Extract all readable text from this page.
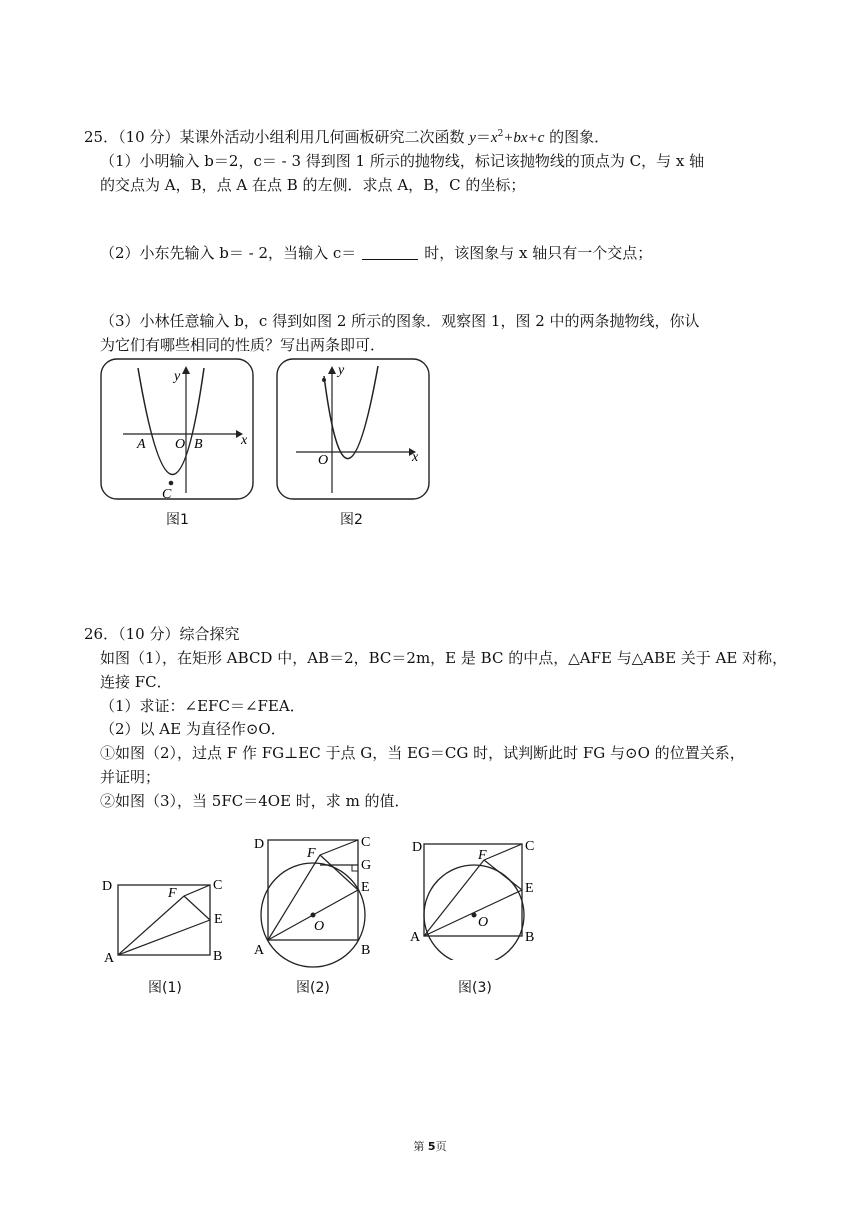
25．（10 分）某课外活动小组利用几何画板研究二次函数 $y=x^2+bx+c$ 的图象．
（1）小明输入 b＝2，c＝ - 3 得到图 1 所示的抛物线，标记该抛物线的顶点为 C，与 x 轴
的交点为 A，B，点 A 在点 B 的左侧．求点 A，B，C 的坐标；
（2）小东先输入 b＝ - 2，当输入 c＝	时，该图象与 x 轴只有一个交点；
（3）小林任意输入 b，c 得到如图 2 所示的图象．观察图 1，图 2 中的两条抛物线，你认
为它们有哪些相同的性质？写出两条即可．
y
x
A O B
C
图1
y
x
O
图2
26．（10 分）综合探究
如图（1），在矩形 ABCD 中，AB＝2，BC＝2m，E 是 BC 的中点，△AFE 与△ABE 关于 AE 对称，
连接 FC．
（1）求证：∠EFC＝∠FEA．
（2）以 AE 为直径作⊙O．
①如图（2），过点 F 作 FG⊥EC 于点 G，当 EG＝CG 时，试判断此时 FG 与⊙O 的位置关系，
并证明；
②如图（3），当 5FC＝4OE 时，求 m 的值．
D	C
F
E
A	B
图(1)
D	C
F
G
E
O
A	B
图(2)
D	C
F
E
O
A	B
图(3)
第 5页
